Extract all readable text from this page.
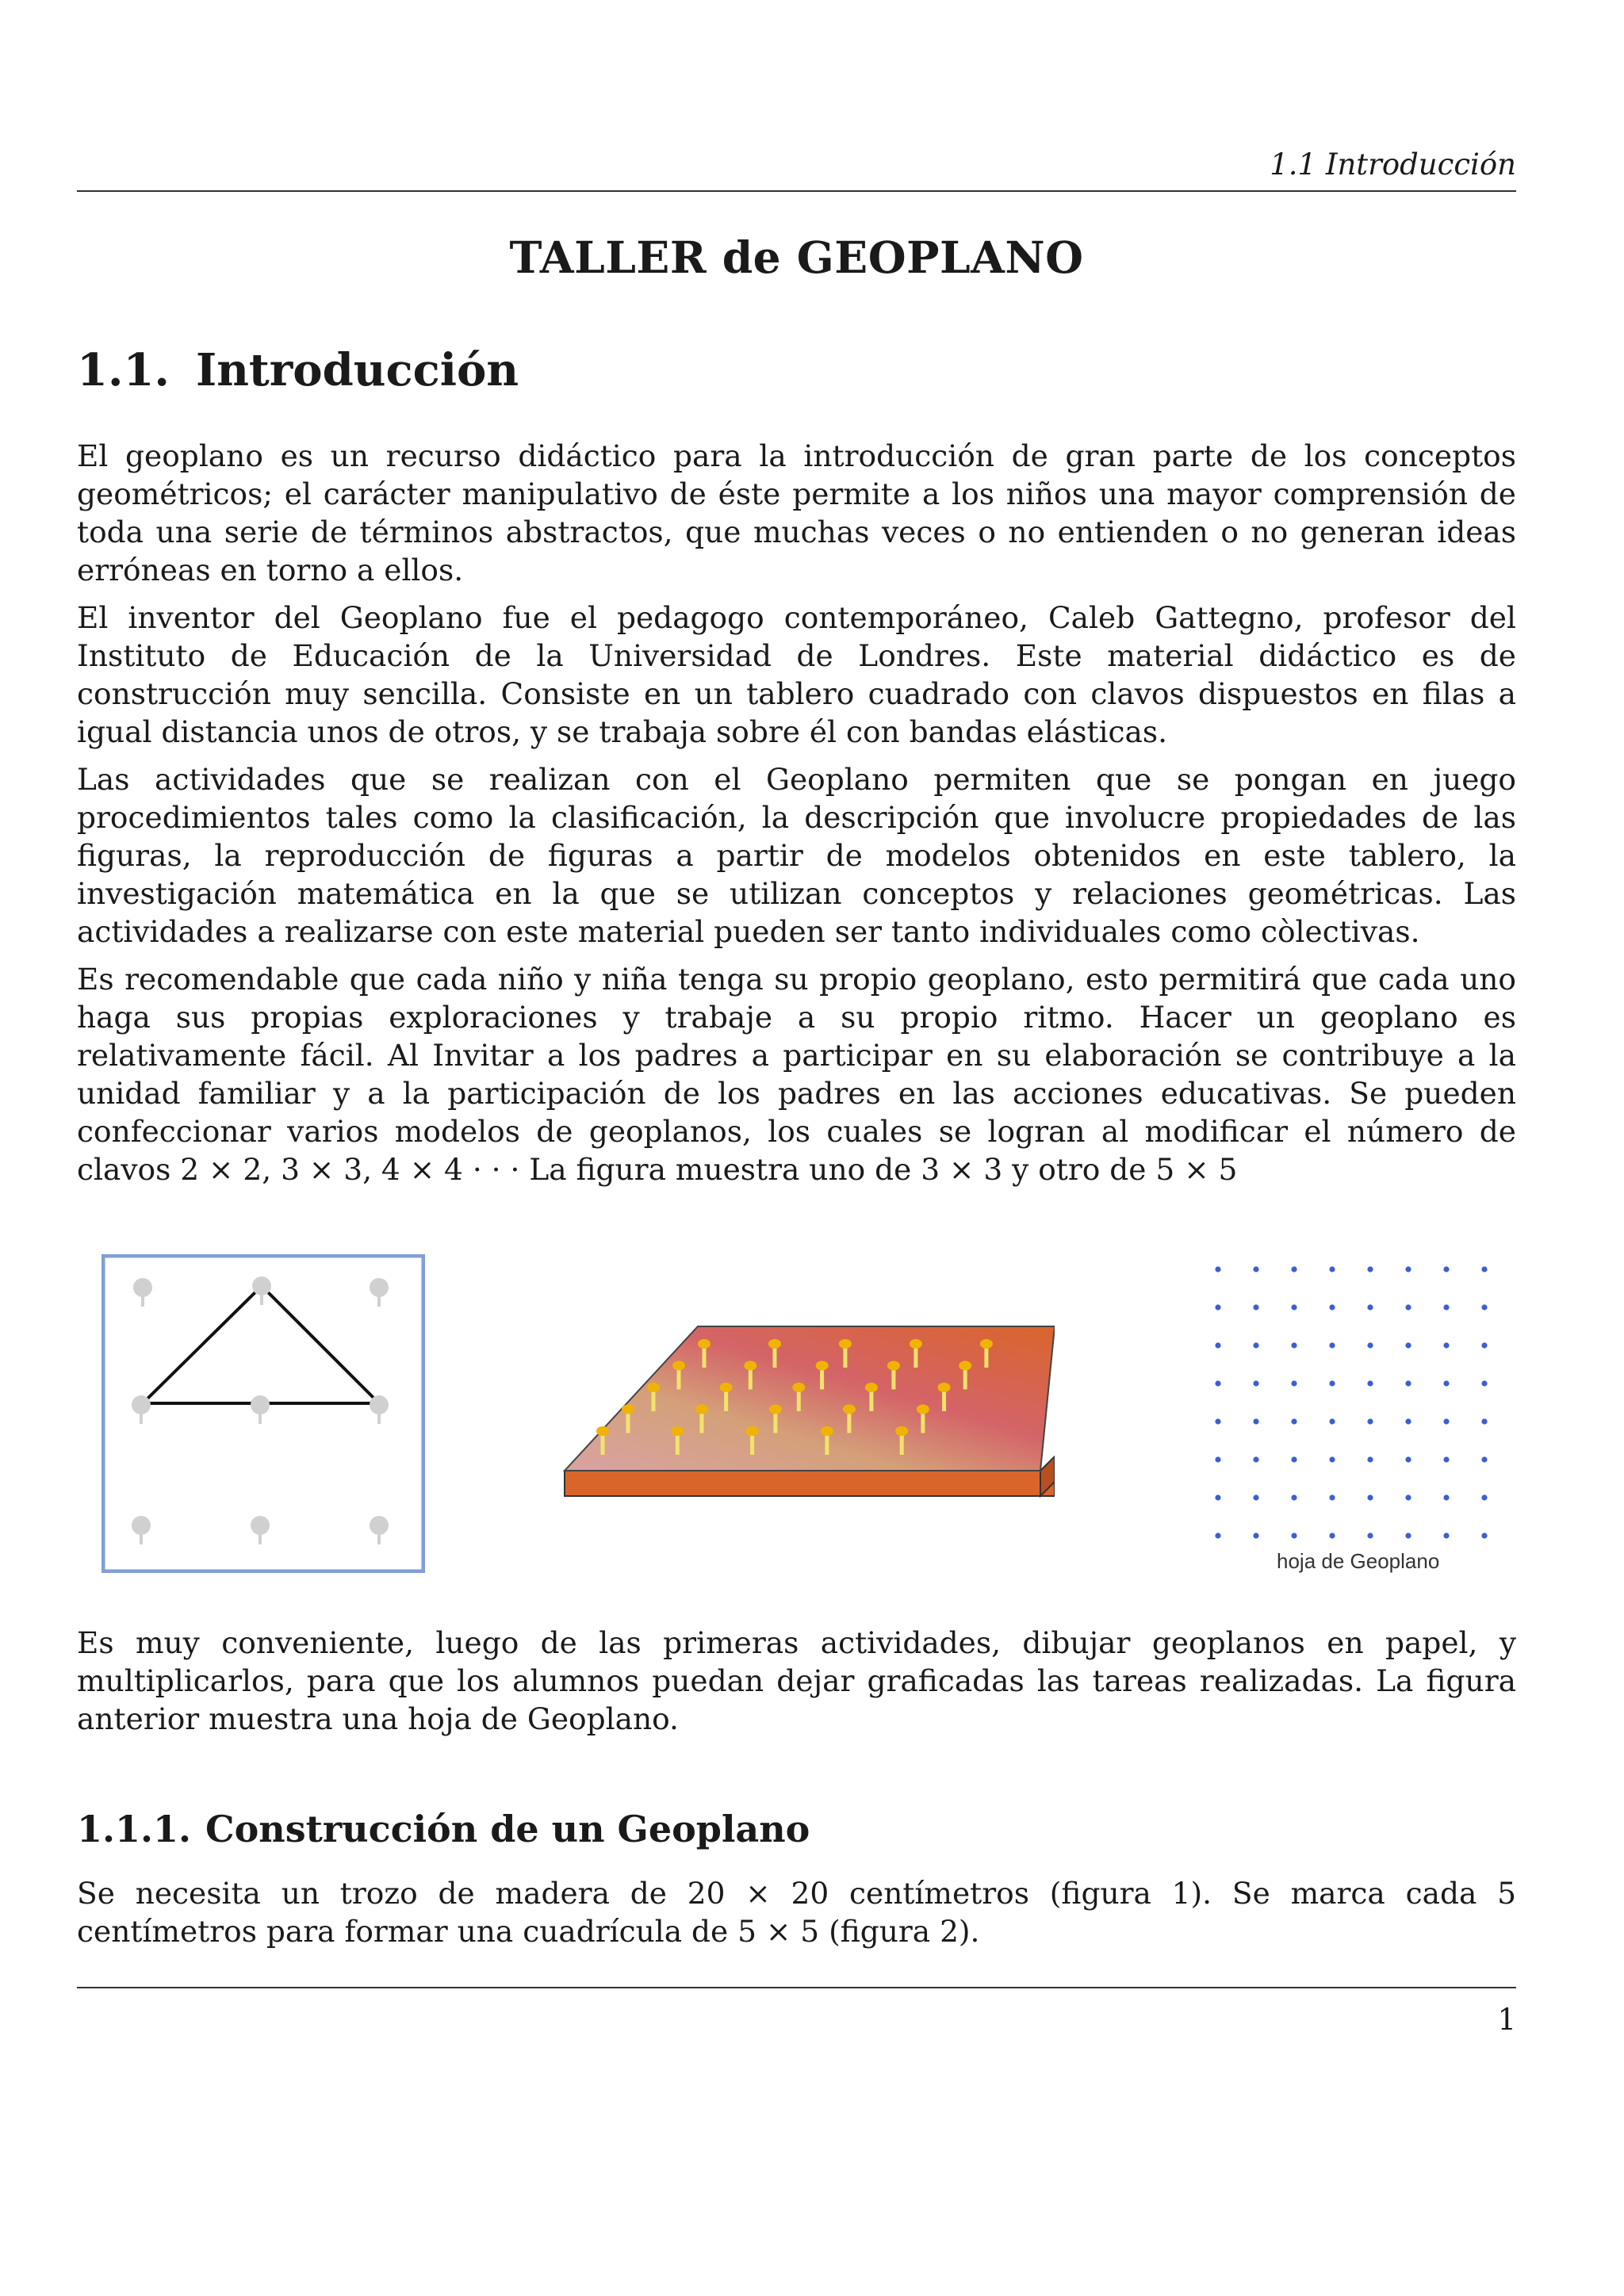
1.1 Introducción
TALLER de GEOPLANO
1.1. Introducción

El geoplano es un recurso didáctico para la introducción de gran parte de los conceptos geométricos; el carácter manipulativo de éste permite a los niños una mayor comprensión de toda una serie de términos abstractos, que muchas veces o no entienden o no generan ideas erróneas en torno a ellos.

El inventor del Geoplano fue el pedagogo contemporáneo, Caleb Gattegno, profesor del Instituto de Educación de la Universidad de Londres. Este material didáctico es de construcción muy sencilla. Consiste en un tablero cuadrado con clavos dispuestos en filas a igual distancia unos de otros, y se trabaja sobre él con bandas elásticas.

Las actividades que se realizan con el Geoplano permiten que se pongan en juego procedimientos tales como la clasificación, la descripción que involucre propiedades de las figuras, la reproducción de figuras a partir de modelos obtenidos en este tablero, la investigación matemática en la que se utilizan conceptos y relaciones geométricas. Las actividades a realizarse con este material pueden ser tanto individuales como còlectivas.

Es recomendable que cada niño y niña tenga su propio geoplano, esto permitirá que cada uno haga sus propias exploraciones y trabaje a su propio ritmo. Hacer un geoplano es relativamente fácil. Al Invitar a los padres a participar en su elaboración se contribuye a la unidad familiar y a la participación de los padres en las acciones educativas. Se pueden confeccionar varios modelos de geoplanos, los cuales se logran al modificar el número de clavos 2 × 2, 3 × 3, 4 × 4 · · · La figura muestra uno de 3 × 3 y otro de 5 × 5

hoja de Geoplano

Es muy conveniente, luego de las primeras actividades, dibujar geoplanos en papel, y multiplicarlos, para que los alumnos puedan dejar graficadas las tareas realizadas. La figura anterior muestra una hoja de Geoplano.

1.1.1. Construcción de un Geoplano

Se necesita un trozo de madera de 20 × 20 centímetros (figura 1). Se marca cada 5 centímetros para formar una cuadrícula de 5 × 5 (figura 2).

1
